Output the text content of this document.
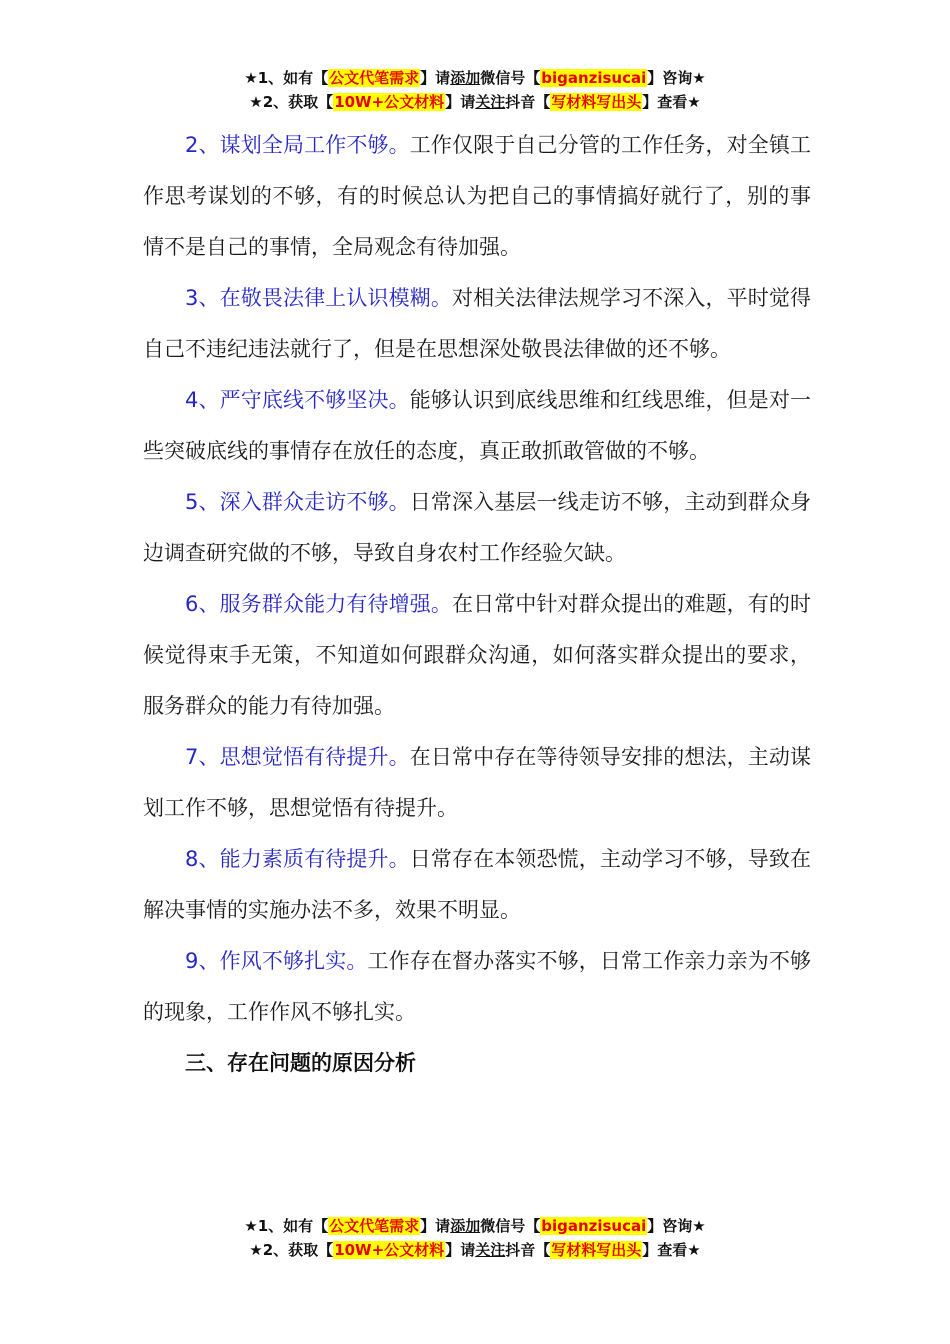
★1、如有【公文代笔需求】请添加微信号【biganzisucai】咨询★
★2、获取【10W+公文材料】请关注抖音【写材料写出头】查看★

2、谋划全局工作不够。工作仅限于自己分管的工作任务，对全镇工作思考谋划的不够，有的时候总认为把自己的事情搞好就行了，别的事情不是自己的事情，全局观念有待加强。

3、在敬畏法律上认识模糊。对相关法律法规学习不深入，平时觉得自己不违纪违法就行了，但是在思想深处敬畏法律做的还不够。

4、严守底线不够坚决。能够认识到底线思维和红线思维，但是对一些突破底线的事情存在放任的态度，真正敢抓敢管做的不够。

5、深入群众走访不够。日常深入基层一线走访不够，主动到群众身边调查研究做的不够，导致自身农村工作经验欠缺。

6、服务群众能力有待增强。在日常中针对群众提出的难题，有的时候觉得束手无策，不知道如何跟群众沟通，如何落实群众提出的要求，服务群众的能力有待加强。

7、思想觉悟有待提升。在日常中存在等待领导安排的想法，主动谋划工作不够，思想觉悟有待提升。

8、能力素质有待提升。日常存在本领恐慌，主动学习不够，导致在解决事情的实施办法不多，效果不明显。

9、作风不够扎实。工作存在督办落实不够，日常工作亲力亲为不够的现象，工作作风不够扎实。

三、存在问题的原因分析

★1、如有【公文代笔需求】请添加微信号【biganzisucai】咨询★
★2、获取【10W+公文材料】请关注抖音【写材料写出头】查看★
